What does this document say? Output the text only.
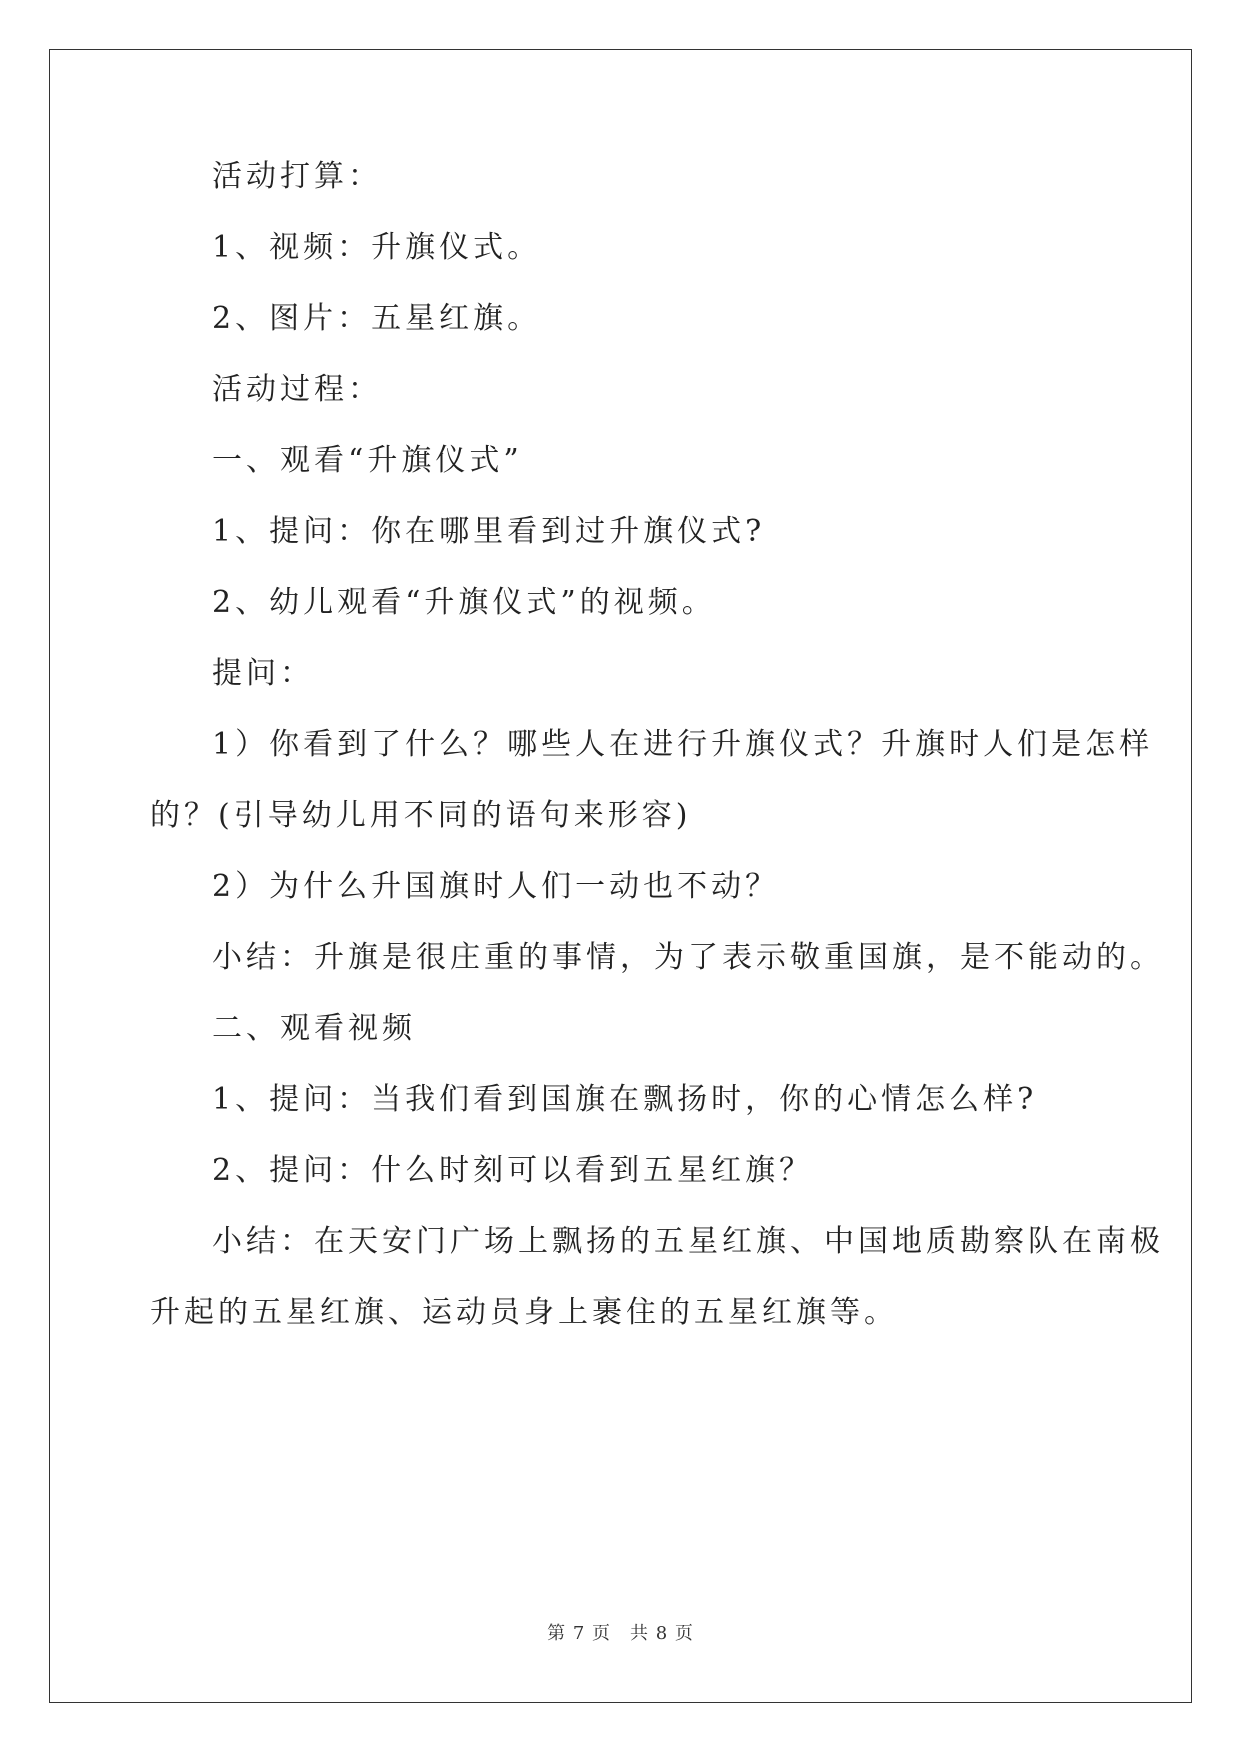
活动打算：
1、视频：升旗仪式。
2、图片：五星红旗。
活动过程：
一、观看“升旗仪式”
1、提问：你在哪里看到过升旗仪式?
2、幼儿观看“升旗仪式”的视频。
提问：
1）你看到了什么？哪些人在进行升旗仪式？升旗时人们是怎样
的？(引导幼儿用不同的语句来形容)
2）为什么升国旗时人们一动也不动？
小结：升旗是很庄重的事情，为了表示敬重国旗，是不能动的。
二、观看视频
1、提问：当我们看到国旗在飘扬时，你的心情怎么样?
2、提问：什么时刻可以看到五星红旗？
小结：在天安门广场上飘扬的五星红旗、中国地质勘察队在南极
升起的五星红旗、运动员身上裹住的五星红旗等。
第 7 页　共 8 页
